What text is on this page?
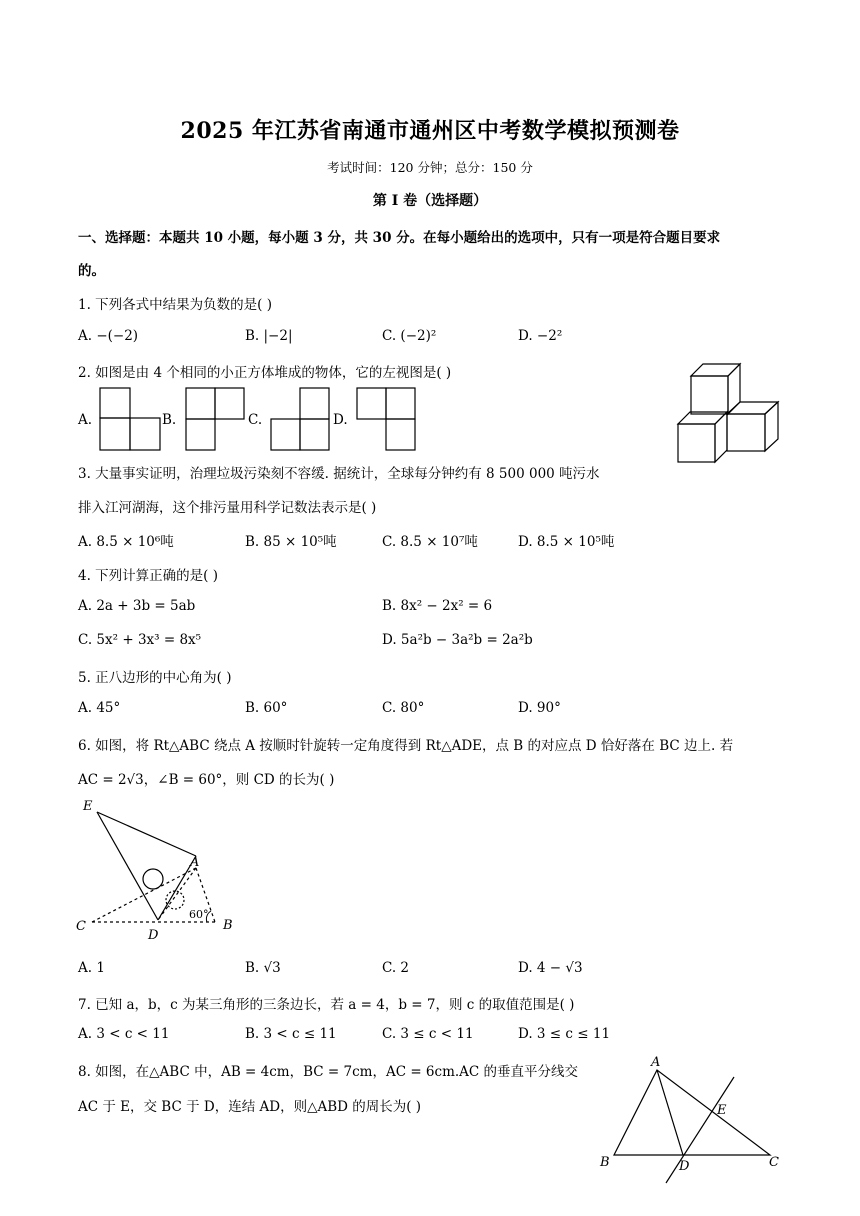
2025 年江苏省南通市通州区中考数学模拟预测卷
考试时间：120 分钟；总分：150 分
第 I 卷（选择题）
一、选择题：本题共 10 小题，每小题 3 分，共 30 分。在每小题给出的选项中，只有一项是符合题目要求
的。
1. 下列各式中结果为负数的是( )
A. −(−2)	B. |−2|	C. (−2)²	D. −2²
2. 如图是由 4 个相同的小正方体堆成的物体，它的左视图是( )
A.	B.	C.	D.
E
A
C
D
B
60°
A
E
B	D	C
3. 大量事实证明，治理垃圾污染刻不容缓. 据统计，全球每分钟约有 8 500 000 吨污水
排入江河湖海，这个排污量用科学记数法表示是( )
A. 8.5 × 10⁶吨	B. 85 × 10⁵吨	C. 8.5 × 10⁷吨	D. 8.5 × 10⁵吨
4. 下列计算正确的是( )
A. 2a + 3b = 5ab	B. 8x² − 2x² = 6
C. 5x² + 3x³ = 8x⁵	D. 5a²b − 3a²b = 2a²b
5. 正八边形的中心角为( )
A. 45°	B. 60°	C. 80°	D. 90°
6. 如图，将 Rt△ABC 绕点 A 按顺时针旋转一定角度得到 Rt△ADE，点 B 的对应点 D 恰好落在 BC 边上. 若
AC = 2√3，∠B = 60°，则 CD 的长为( )
A. 1	B. √3	C. 2	D. 4 − √3
7. 已知 a，b，c 为某三角形的三条边长，若 a = 4，b = 7，则 c 的取值范围是( )
A. 3 < c < 11	B. 3 < c ≤ 11	C. 3 ≤ c < 11	D. 3 ≤ c ≤ 11
8. 如图，在△ABC 中，AB = 4cm，BC = 7cm，AC = 6cm.AC 的垂直平分线交
AC 于 E，交 BC 于 D，连结 AD，则△ABD 的周长为( )
